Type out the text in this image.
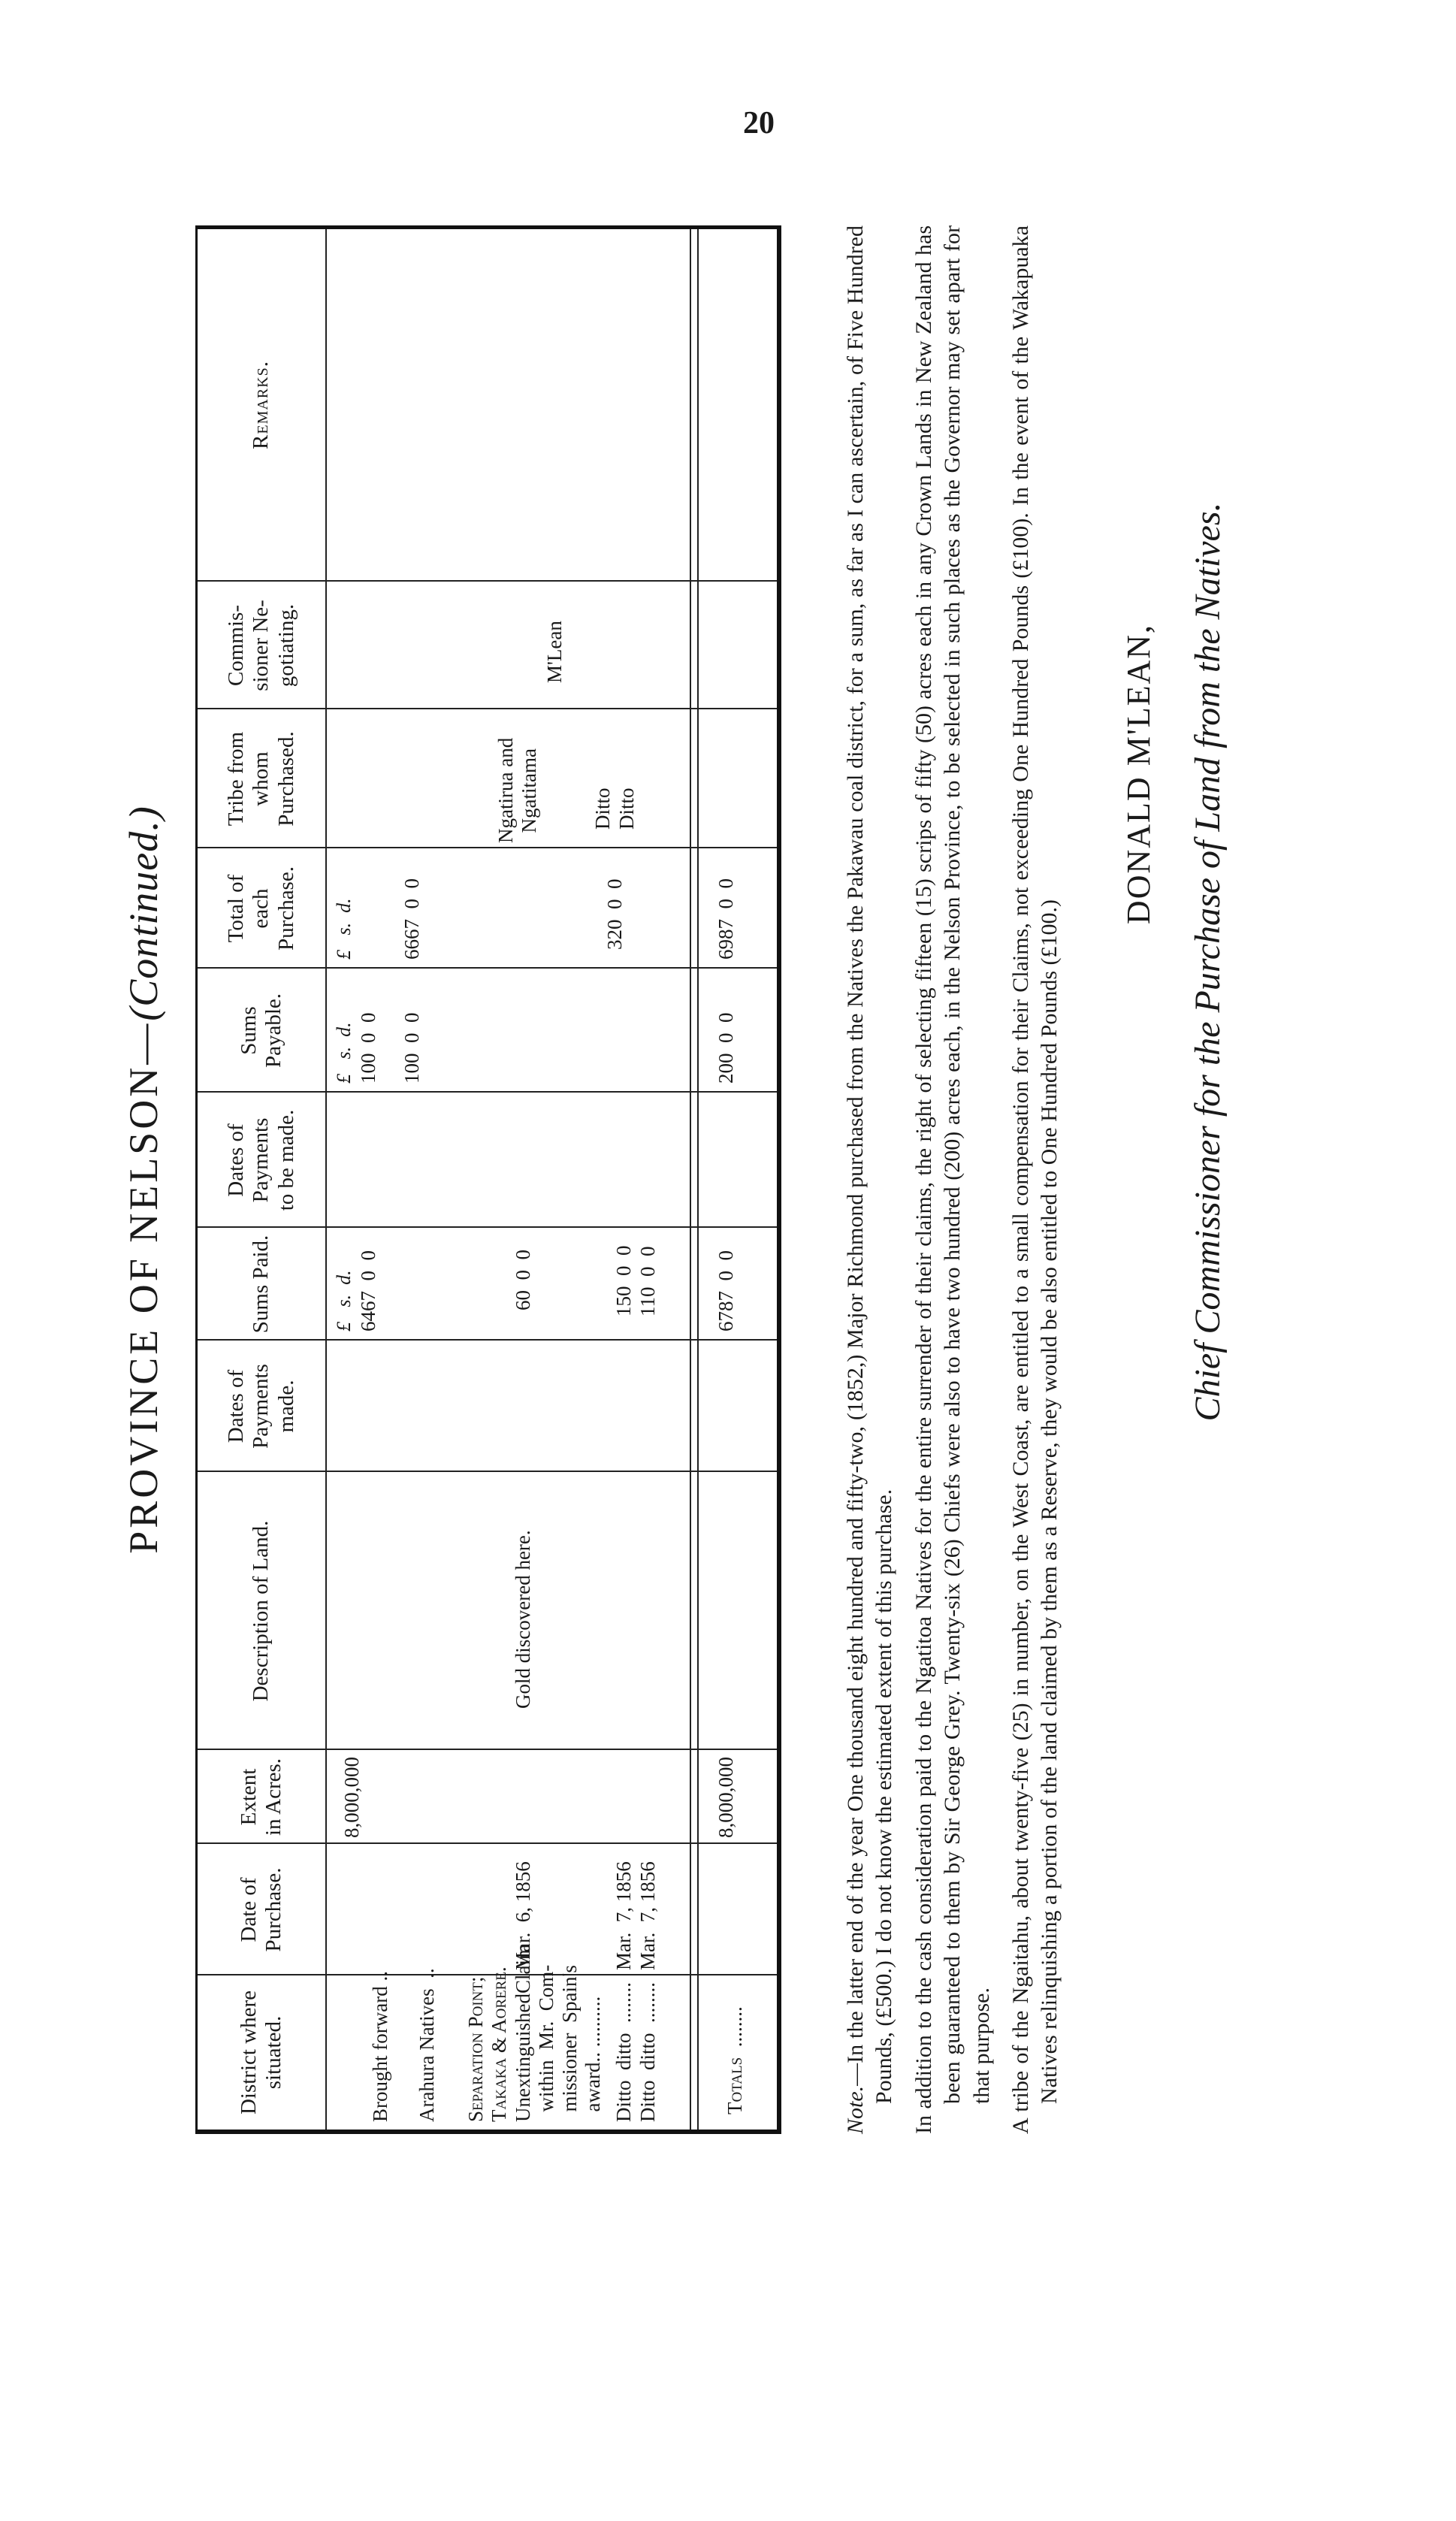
20
PROVINCE OF NELSON—(Continued.)
District where
situated.
Date of
Purchase.
Extent
in Acres.
Description of Land.
Dates of
Payments
made.
Sums Paid.
Dates of
Payments
to be made.
Sums
Payable.
Total of
each
Purchase.
Tribe from
whom
Purchased.
Commis-
sioner Ne-
gotiating.
Remarks.
£   s.  d.
£   s.  d.
£   s.  d.
Brought forward ..
6467  0  0
100  0  0
Arahura Natives  ..
8,000,000
100  0  0
6667  0  0
Separation Point;
Takaka & Aorere. UnextinguishedClaim
within  Mr.  Com-
missioner  Spain's
award.. ..........
Mar.  6, 1856
Gold discovered here.
60  0  0
Ngatirua and
Ngatitama
Ditto  ditto  ........
Mar.  7, 1856
150  0  0
Ditto
Ditto  ditto  ........
Mar.  7, 1856
110  0  0
Ditto
320  0  0
M'Lean
Totals  ........
8,000,000
6787  0  0
200  0  0
6987  0  0

Note.—In the latter end of the year One thousand eight hundred and fifty-two, (1852,) Major Richmond purchased from the Natives the Pakawau coal district, for a sum, as far as I can ascertain, of Five Hundred Pounds, (£500.) I do not know the estimated extent of this purchase. In addition to the cash consideration paid to the Ngatitoa Natives for the entire surrender of their claims, the right of selecting fifteen (15) scrips of fifty (50) acres each in any Crown Lands in New Zealand has been guaranteed to them by Sir George Grey. Twenty-six (26) Chiefs were also to have two hundred (200) acres each, in the Nelson Province, to be selected in such places as the Governor may set apart for that purpose. A tribe of the Ngaitahu, about twenty-five (25) in number, on the West Coast, are entitled to a small compensation for their Claims, not exceeding One Hundred Pounds (£100). In the event of the Wakapuaka Natives relinquishing a portion of the land claimed by them as a Reserve, they would be also entitled to One Hundred Pounds (£100.)

DONALD M'LEAN, Chief Commissioner for the Purchase of Land from the Natives.
